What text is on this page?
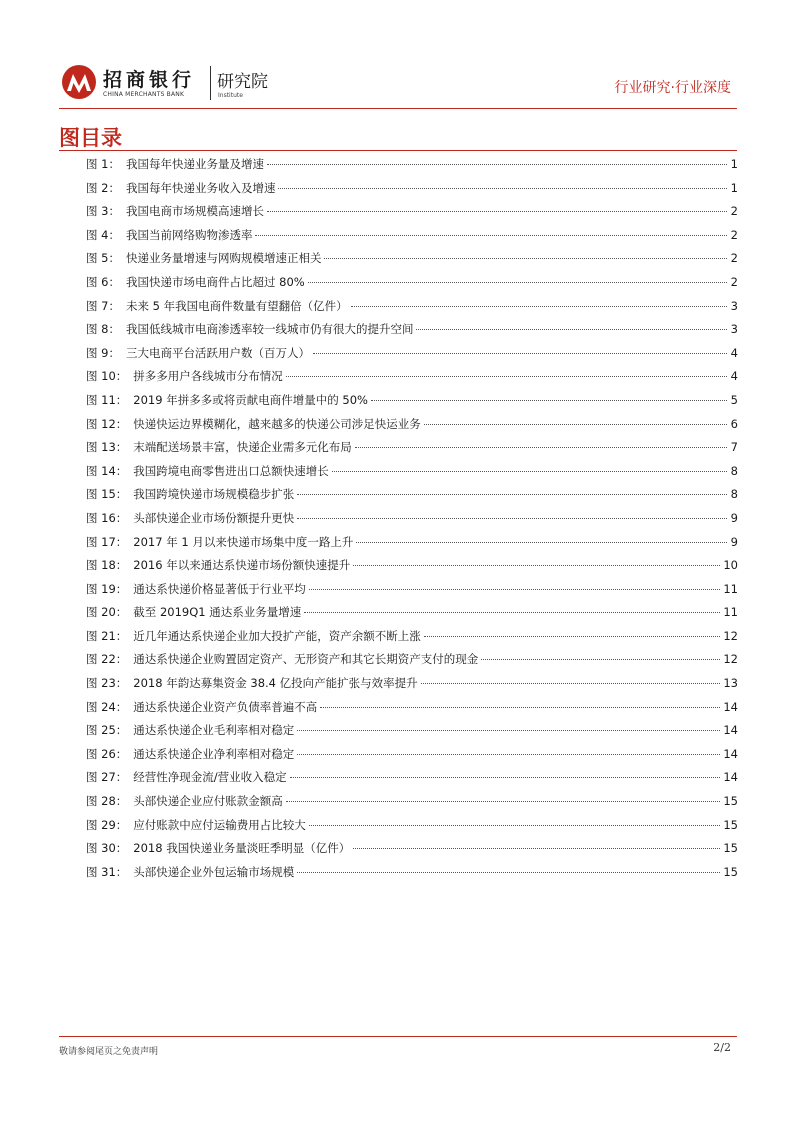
招商银行
CHINA MERCHANTS BANK
研究院
Institute	行业研究·行业深度
图目录
图 1： 我国每年快递业务量及增速	1
图 2： 我国每年快递业务收入及增速	1
图 3： 我国电商市场规模高速增长	2
图 4： 我国当前网络购物渗透率	2
图 5： 快递业务量增速与网购规模增速正相关	2
图 6： 我国快递市场电商件占比超过 80%	2
图 7： 未来 5 年我国电商件数量有望翻倍（亿件）	3
图 8： 我国低线城市电商渗透率较一线城市仍有很大的提升空间	3
图 9： 三大电商平台活跃用户数（百万人）	4
图 10： 拼多多用户各线城市分布情况	4
图 11： 2019 年拼多多或将贡献电商件增量中的 50%	5
图 12： 快递快运边界模糊化，越来越多的快递公司涉足快运业务	6
图 13： 末端配送场景丰富，快递企业需多元化布局	7
图 14： 我国跨境电商零售进出口总额快速增长	8
图 15： 我国跨境快递市场规模稳步扩张	8
图 16： 头部快递企业市场份额提升更快	9
图 17： 2017 年 1 月以来快递市场集中度一路上升	9
图 18： 2016 年以来通达系快递市场份额快速提升	10
图 19： 通达系快递价格显著低于行业平均	11
图 20： 截至 2019Q1 通达系业务量增速	11
图 21： 近几年通达系快递企业加大投扩产能，资产余额不断上涨	12
图 22： 通达系快递企业购置固定资产、无形资产和其它长期资产支付的现金	12
图 23： 2018 年韵达募集资金 38.4 亿投向产能扩张与效率提升	13
图 24： 通达系快递企业资产负债率普遍不高	14
图 25： 通达系快递企业毛利率相对稳定	14
图 26： 通达系快递企业净利率相对稳定	14
图 27： 经营性净现金流/营业收入稳定	14
图 28： 头部快递企业应付账款金额高	15
图 29： 应付账款中应付运输费用占比较大	15
图 30： 2018 我国快递业务量淡旺季明显（亿件）	15
图 31： 头部快递企业外包运输市场规模	15
敬请参阅尾页之免责声明	2/2
